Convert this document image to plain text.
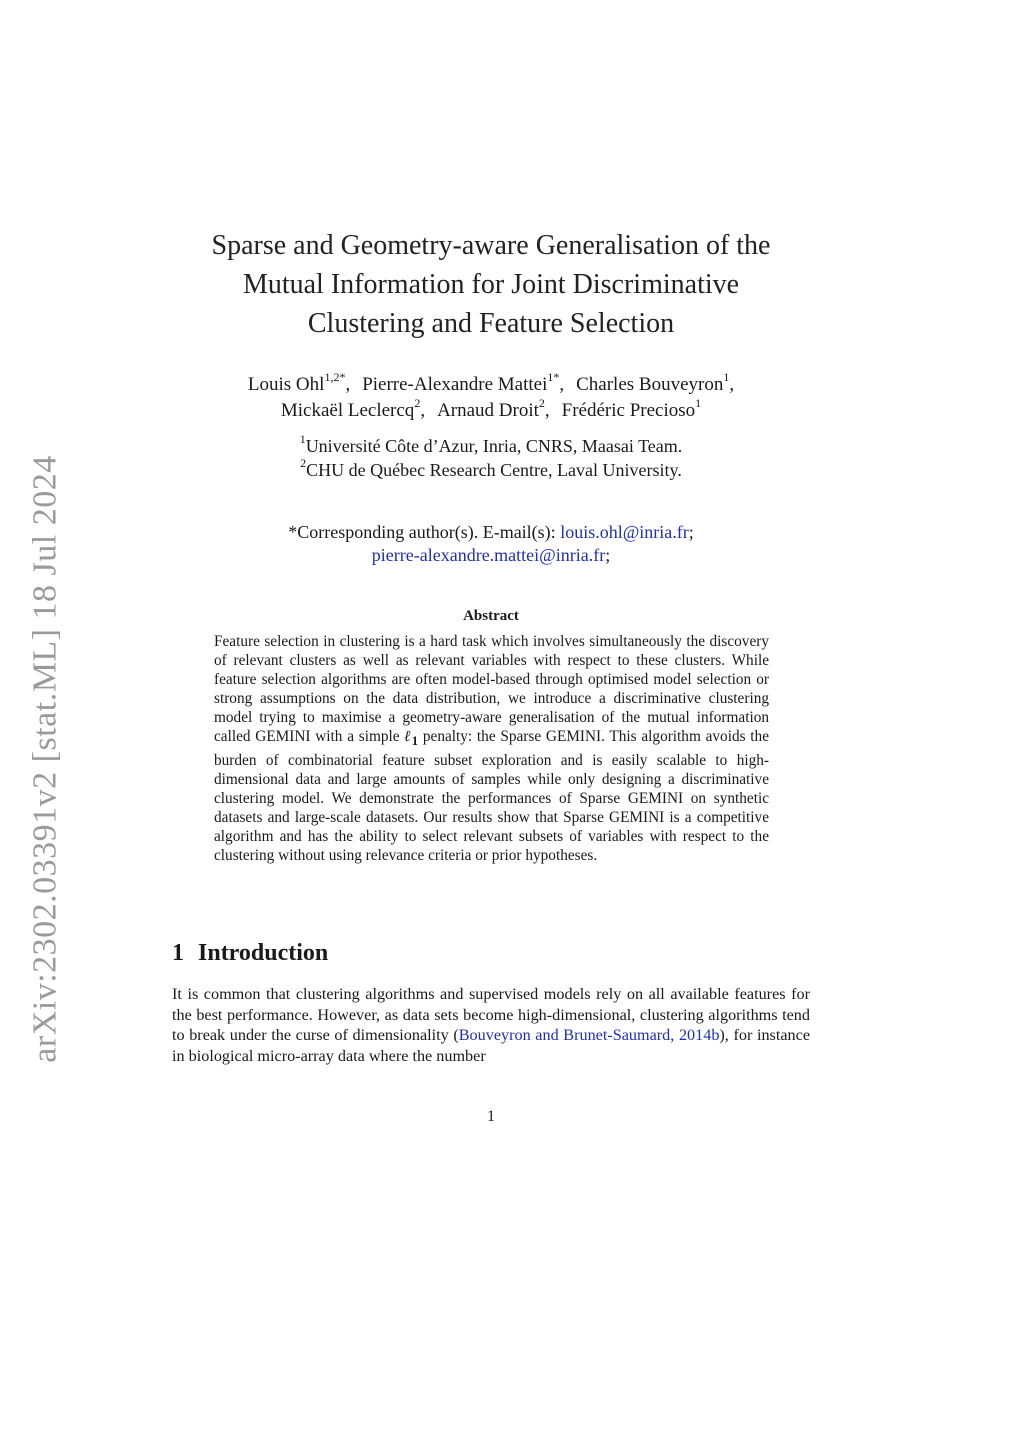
arXiv:2302.03391v2 [stat.ML] 18 Jul 2024
Sparse and Geometry-aware Generalisation of the
Mutual Information for Joint Discriminative
Clustering and Feature Selection
Louis Ohl$^{1,2*}$, Pierre-Alexandre Mattei$^{1*}$, Charles Bouveyron$^1$,
Mickaël Leclercq$^2$, Arnaud Droit$^2$, Frédéric Precioso$^1$
$^1$Université Côte d’Azur, Inria, CNRS, Maasai Team.
$^2$CHU de Québec Research Centre, Laval University.
*Corresponding author(s). E-mail(s): louis.ohl@inria.fr;
pierre-alexandre.mattei@inria.fr;
Abstract

Feature selection in clustering is a hard task which involves simultaneously the discovery of relevant clusters as well as relevant variables with respect to these clusters. While feature selection algorithms are often model-based through optimised model selection or strong assumptions on the data distribution, we introduce a discriminative clustering model trying to maximise a geometry-aware generalisation of the mutual information called GEMINI with a simple ℓ$_1$ penalty: the Sparse GEMINI. This algorithm avoids the burden of combinatorial feature subset exploration and is easily scalable to high-dimensional data and large amounts of samples while only designing a discriminative clustering model. We demonstrate the performances of Sparse GEMINI on synthetic datasets and large-scale datasets. Our results show that Sparse GEMINI is a competitive algorithm and has the ability to select relevant subsets of variables with respect to the clustering without using relevance criteria or prior hypotheses.

1 Introduction

It is common that clustering algorithms and supervised models rely on all available features for the best performance. However, as data sets become high-dimensional, clustering algorithms tend to break under the curse of dimensionality (Bouveyron and Brunet-Saumard, 2014b), for instance in biological micro-array data where the number

1
